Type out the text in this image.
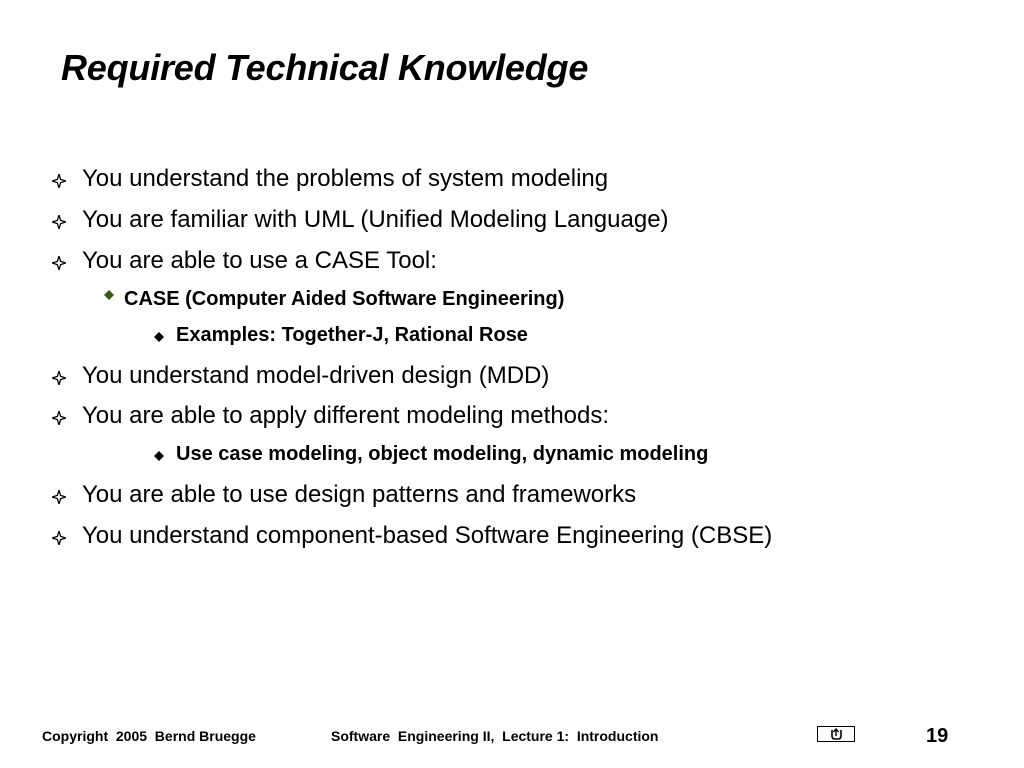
Required Technical Knowledge
You understand the problems of system modeling
You are familiar with UML (Unified Modeling Language)
You are able to use a CASE Tool:
CASE (Computer Aided Software Engineering)
Examples: Together-J, Rational Rose
You understand model-driven design (MDD)
You are able to apply different modeling methods:
Use case modeling, object modeling, dynamic modeling
You are able to use design patterns and frameworks
You understand component-based Software Engineering (CBSE)
Copyright  2005  Bernd Bruegge	Software  Engineering II,  Lecture 1:  Introduction	19
